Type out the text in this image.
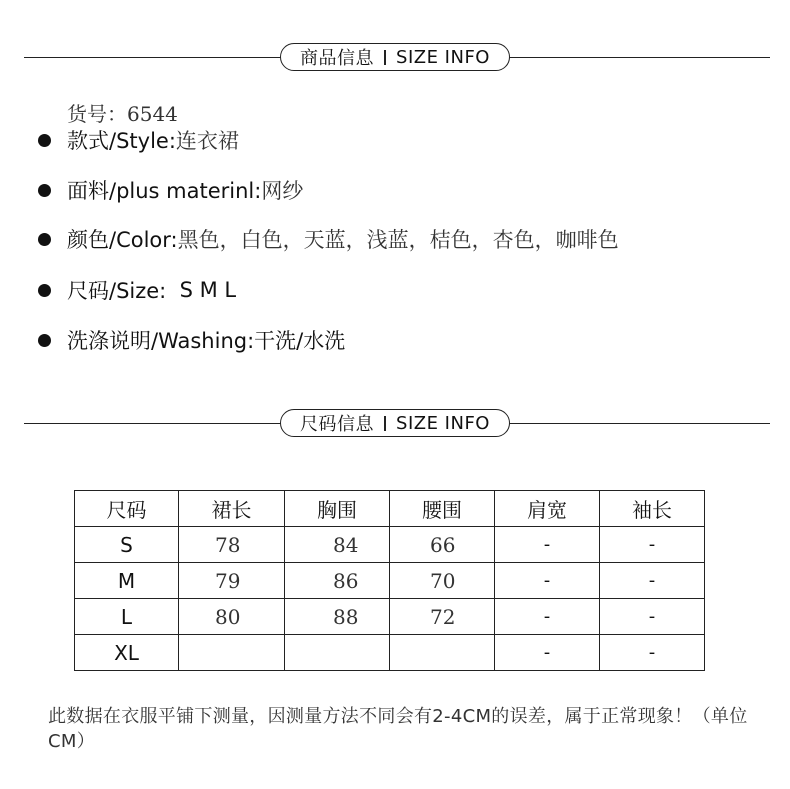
商品信息 SIZE INFO
货号：6544
款式/Style: 连衣裙
面料/plus materinl: 网纱
颜色/Color: 黑色，白色，天蓝，浅蓝，桔色，杏色，咖啡色
尺码/Size: S M L
洗涤说明/Washing: 干洗/水洗
尺码信息 SIZE INFO
尺码	裙长	胸围	腰围	肩宽	袖长
S	78	84	66	-	-
M	79	86	70	-	-
L	80	88	72	-	-
XL				-	-
此数据在衣服平铺下测量，因测量方法不同会有2-4CM的误差，属于正常现象！（单位CM）
